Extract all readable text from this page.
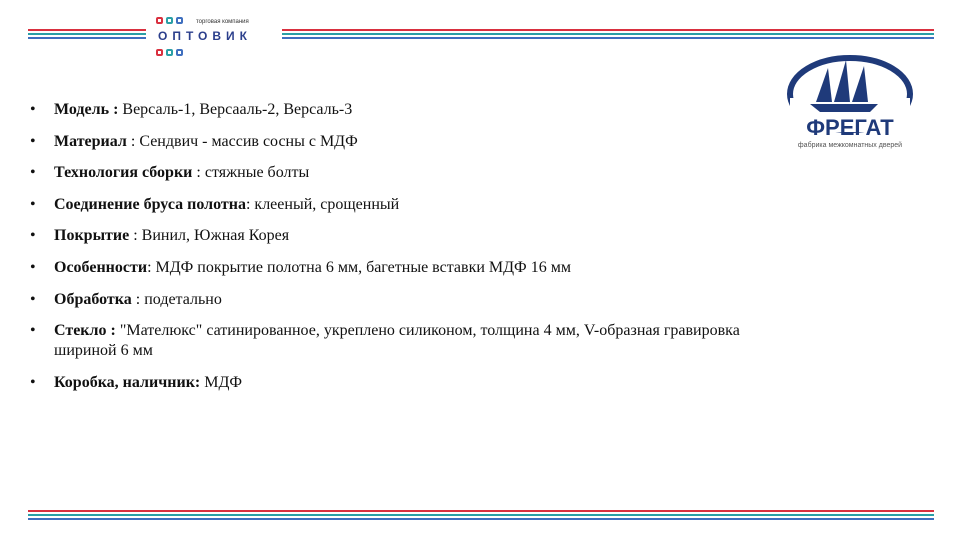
торговая компания
ОПТОВИК
ФРЕГАТ
фабрика межкомнатных дверей
• Модель : Версаль-1, Версааль-2, Версаль-3
• Материал : Сендвич - массив сосны с МДФ
• Технология сборки : стяжные болты
• Соединение бруса полотна: клееный, срощенный
• Покрытие : Винил, Южная Корея
• Особенности: МДФ покрытие полотна 6 мм, багетные вставки МДФ 16 мм
• Обработка : подетально
• Стекло : "Мателюкс" сатинированное, укреплено силиконом, толщина 4 мм, V-образная гравировка шириной 6 мм
• Коробка, наличник: МДФ
